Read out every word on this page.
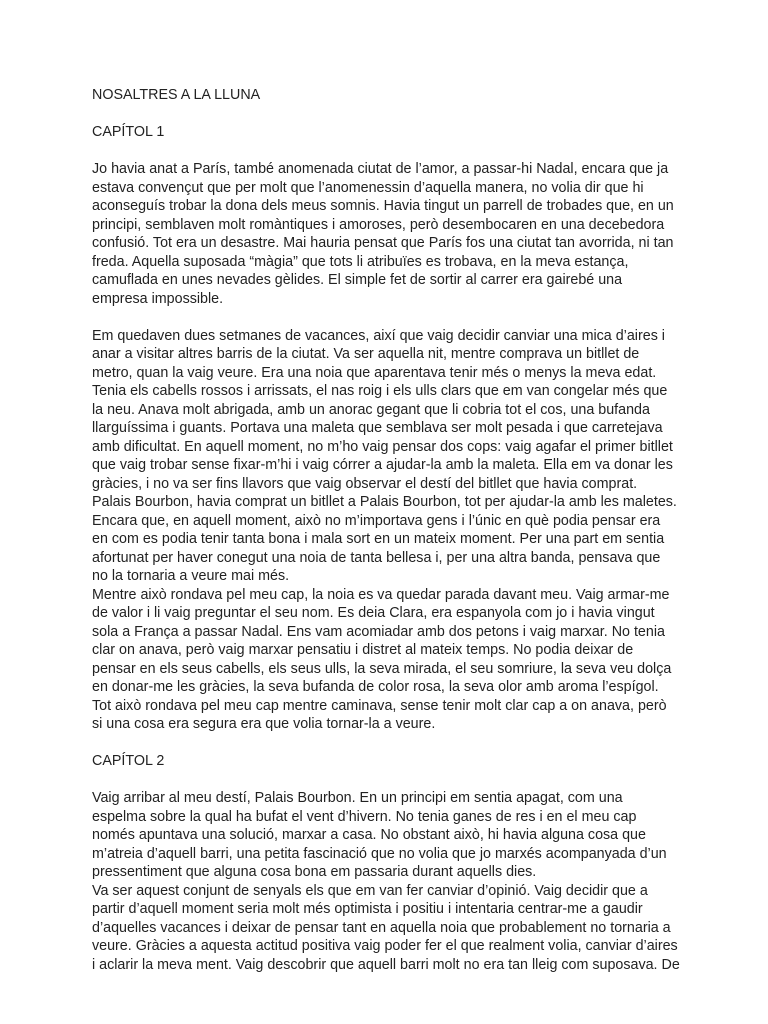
NOSALTRES A LA LLUNA

CAPÍTOL 1

Jo havia anat a París, també anomenada ciutat de l’amor, a passar-hi Nadal, encara que ja
estava convençut que per molt que l’anomenessin d’aquella manera, no volia dir que hi
aconseguís trobar la dona dels meus somnis. Havia tingut un parrell de trobades que, en un
principi, semblaven molt romàntiques i amoroses, però desembocaren en una decebedora
confusió. Tot era un desastre. Mai hauria pensat que París fos una ciutat tan avorrida, ni tan
freda. Aquella suposada “màgia” que tots li atribuïes es trobava, en la meva estança,
camuflada en unes nevades gèlides. El simple fet de sortir al carrer era gairebé una
empresa impossible.

Em quedaven dues setmanes de vacances, així que vaig decidir canviar una mica d’aires i
anar a visitar altres barris de la ciutat. Va ser aquella nit, mentre comprava un bitllet de
metro, quan la vaig veure. Era una noia que aparentava tenir més o menys la meva edat.
Tenia els cabells rossos i arrissats, el nas roig i els ulls clars que em van congelar més que
la neu. Anava molt abrigada, amb un anorac gegant que li cobria tot el cos, una bufanda
llarguíssima i guants. Portava una maleta que semblava ser molt pesada i que carretejava
amb dificultat. En aquell moment, no m’ho vaig pensar dos cops: vaig agafar el primer bitllet
que vaig trobar sense fixar-m’hi i vaig córrer a ajudar-la amb la maleta. Ella em va donar les
gràcies, i no va ser fins llavors que vaig observar el destí del bitllet que havia comprat.
Palais Bourbon, havia comprat un bitllet a Palais Bourbon, tot per ajudar-la amb les maletes.
Encara que, en aquell moment, això no m’importava gens i l’únic en què podia pensar era
en com es podia tenir tanta bona i mala sort en un mateix moment. Per una part em sentia
afortunat per haver conegut una noia de tanta bellesa i, per una altra banda, pensava que
no la tornaria a veure mai més.

Mentre això rondava pel meu cap, la noia es va quedar parada davant meu. Vaig armar-me
de valor i li vaig preguntar el seu nom. Es deia Clara, era espanyola com jo i havia vingut
sola a França a passar Nadal. Ens vam acomiadar amb dos petons i vaig marxar. No tenia
clar on anava, però vaig marxar pensatiu i distret al mateix temps. No podia deixar de
pensar en els seus cabells, els seus ulls, la seva mirada, el seu somriure, la seva veu dolça
en donar-me les gràcies, la seva bufanda de color rosa, la seva olor amb aroma l’espígol.
Tot això rondava pel meu cap mentre caminava, sense tenir molt clar cap a on anava, però
si una cosa era segura era que volia tornar-la a veure.

CAPÍTOL 2

Vaig arribar al meu destí, Palais Bourbon. En un principi em sentia apagat, com una
espelma sobre la qual ha bufat el vent d’hivern. No tenia ganes de res i en el meu cap
només apuntava una solució, marxar a casa. No obstant això, hi havia alguna cosa que
m’atreia d’aquell barri, una petita fascinació que no volia que jo marxés acompanyada d’un
pressentiment que alguna cosa bona em passaria durant aquells dies.

Va ser aquest conjunt de senyals els que em van fer canviar d’opinió. Vaig decidir que a
partir d’aquell moment seria molt més optimista i positiu i intentaria centrar-me a gaudir
d’aquelles vacances i deixar de pensar tant en aquella noia que probablement no tornaria a
veure. Gràcies a aquesta actitud positiva vaig poder fer el que realment volia, canviar d’aires
i aclarir la meva ment. Vaig descobrir que aquell barri molt no era tan lleig com suposava. De
